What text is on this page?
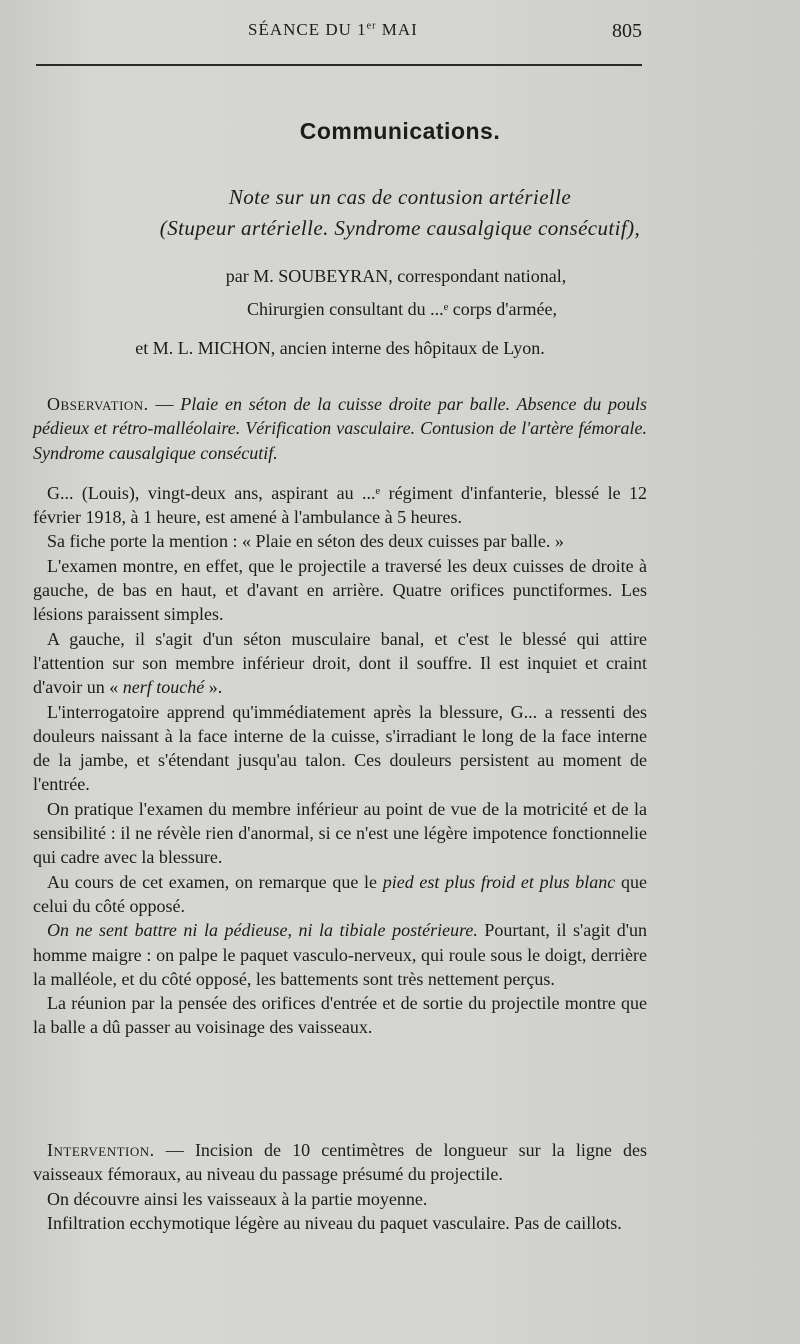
SÉANCE DU 1er MAI	805
Communications.
Note sur un cas de contusion artérielle
(Stupeur artérielle. Syndrome causalgique consécutif),
par M. SOUBEYRAN, correspondant national,
Chirurgien consultant du ...ᵉ corps d'armée,
et M. L. MICHON, ancien interne des hôpitaux de Lyon.

Observation. — Plaie en séton de la cuisse droite par balle. Absence du pouls pédieux et rétro-malléolaire. Vérification vasculaire. Contusion de l'artère fémorale. Syndrome causalgique consécutif.

G... (Louis), vingt-deux ans, aspirant au ...ᵉ régiment d'infanterie, blessé le 12 février 1918, à 1 heure, est amené à l'ambulance à 5 heures.

Sa fiche porte la mention : « Plaie en séton des deux cuisses par balle. »

L'examen montre, en effet, que le projectile a traversé les deux cuisses de droite à gauche, de bas en haut, et d'avant en arrière. Quatre orifices punctiformes. Les lésions paraissent simples.

A gauche, il s'agit d'un séton musculaire banal, et c'est le blessé qui attire l'attention sur son membre inférieur droit, dont il souffre. Il est inquiet et craint d'avoir un « nerf touché ».

L'interrogatoire apprend qu'immédiatement après la blessure, G... a ressenti des douleurs naissant à la face interne de la cuisse, s'irradiant le long de la face interne de la jambe, et s'étendant jusqu'au talon. Ces douleurs persistent au moment de l'entrée.

On pratique l'examen du membre inférieur au point de vue de la motricité et de la sensibilité : il ne révèle rien d'anormal, si ce n'est une légère impotence fonctionnelie qui cadre avec la blessure.

Au cours de cet examen, on remarque que le pied est plus froid et plus blanc que celui du côté opposé.

On ne sent battre ni la pédieuse, ni la tibiale postérieure. Pourtant, il s'agit d'un homme maigre : on palpe le paquet vasculo-nerveux, qui roule sous le doigt, derrière la malléole, et du côté opposé, les battements sont très nettement perçus.

La réunion par la pensée des orifices d'entrée et de sortie du projectile montre que la balle a dû passer au voisinage des vaisseaux.

Intervention. — Incision de 10 centimètres de longueur sur la ligne des vaisseaux fémoraux, au niveau du passage présumé du projectile.

On découvre ainsi les vaisseaux à la partie moyenne.

Infiltration ecchymotique légère au niveau du paquet vasculaire. Pas de caillots.
